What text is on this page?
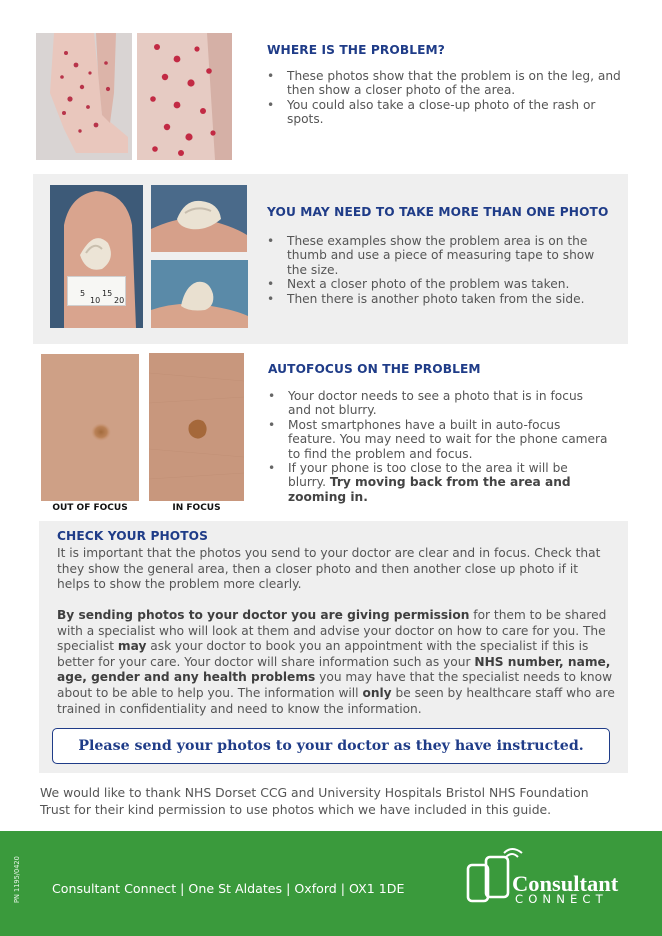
WHERE IS THE PROBLEM?
• These photos show that the problem is on the leg, and then show a closer photo of the area.
• You could also take a close-up photo of the rash or spots.
5
10
15
20
YOU MAY NEED TO TAKE MORE THAN ONE PHOTO
• These examples show the problem area is on the thumb and use a piece of measuring tape to show the size.
• Next a closer photo of the problem was taken.
• Then there is another photo taken from the side.
OUT OF FOCUS	IN FOCUS
AUTOFOCUS ON THE PROBLEM
• Your doctor needs to see a photo that is in focus and not blurry.
• Most smartphones have a built in auto-focus feature. You may need to wait for the phone camera to find the problem and focus.
• If your phone is too close to the area it will be blurry. Try moving back from the area and zooming in.
CHECK YOUR PHOTOS

It is important that the photos you send to your doctor are clear and in focus. Check that they show the general area, then a closer photo and then another close up photo if it helps to show the problem more clearly.

By sending photos to your doctor you are giving permission for them to be shared with a specialist who will look at them and advise your doctor on how to care for you. The specialist may ask your doctor to book you an appointment with the specialist if this is better for your care. Your doctor will share information such as your NHS number, name, age, gender and any health problems you may have that the specialist needs to know about to be able to help you. The information will only be seen by healthcare staff who are trained in confidentiality and need to know the information.

Please send your photos to your doctor as they have instructed.

We would like to thank NHS Dorset CCG and University Hospitals Bristol NHS Foundation Trust for their kind permission to use photos which we have included in this guide.

PN 1195/0420 Consultant Connect | One St Aldates | Oxford | OX1 1DE	Consultant
CONNECT
